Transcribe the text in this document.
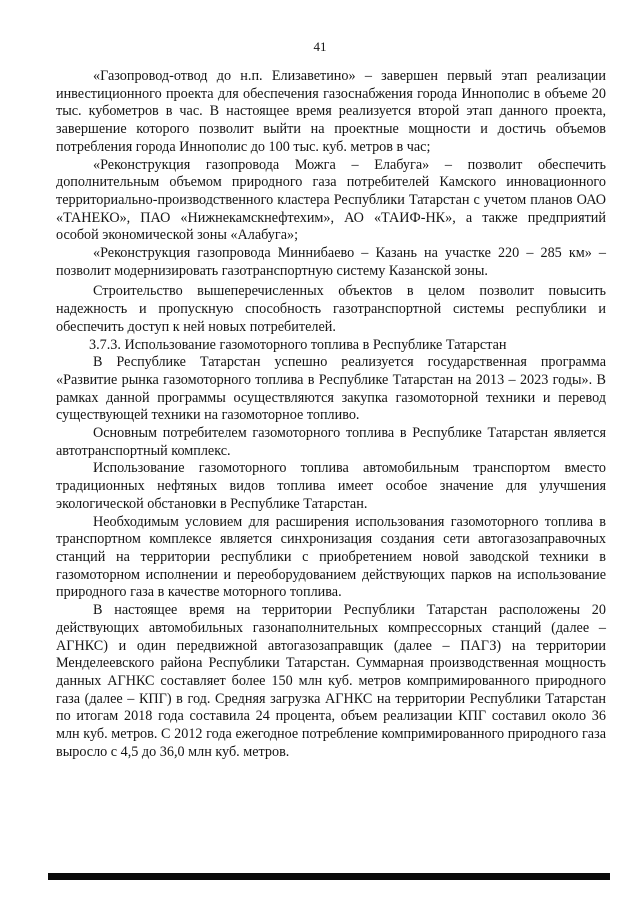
41

«Газопровод-отвод до н.п. Елизаветино» – завершен первый этап реализации инвестиционного проекта для обеспечения газоснабжения города Иннополис в объеме 20 тыс. кубометров в час. В настоящее время реализуется второй этап данного проекта, завершение которого позволит выйти на проектные мощности и достичь объемов потребления города Иннополис до 100 тыс. куб. метров в час;

«Реконструкция газопровода Можга – Елабуга» – позволит обеспечить дополнительным объемом природного газа потребителей Камского инновационного территориально-производственного кластера Республики Татарстан с учетом планов ОАО «ТАНЕКО», ПАО «Нижнекамскнефтехим», АО «ТАИФ-НК», а также предприятий особой экономической зоны «Алабуга»;

«Реконструкция газопровода Миннибаево – Казань на участке 220 – 285 км» – позволит модернизировать газотранспортную систему Казанской зоны.

Строительство вышеперечисленных объектов в целом позволит повысить надежность и пропускную способность газотранспортной системы республики и обеспечить доступ к ней новых потребителей.

3.7.3. Использование газомоторного топлива в Республике Татарстан

В Республике Татарстан успешно реализуется государственная программа «Развитие рынка газомоторного топлива в Республике Татарстан на 2013 – 2023 годы». В рамках данной программы осуществляются закупка газомоторной техники и перевод существующей техники на газомоторное топливо.

Основным потребителем газомоторного топлива в Республике Татарстан является автотранспортный комплекс.

Использование газомоторного топлива автомобильным транспортом вместо традиционных нефтяных видов топлива имеет особое значение для улучшения экологической обстановки в Республике Татарстан.

Необходимым условием для расширения использования газомоторного топлива в транспортном комплексе является синхронизация создания сети автогазозаправочных станций на территории республики с приобретением новой заводской техники в газомоторном исполнении и переоборудованием действующих парков на использование природного газа в качестве моторного топлива.

В настоящее время на территории Республики Татарстан расположены 20 действующих автомобильных газонаполнительных компрессорных станций (далее – АГНКС) и один передвижной автогазозаправщик (далее – ПАГЗ) на территории Менделеевского района Республики Татарстан. Суммарная производственная мощность данных АГНКС составляет более 150 млн куб. метров компримированного природного газа (далее – КПГ) в год. Средняя загрузка АГНКС на территории Республики Татарстан по итогам 2018 года составила 24 процента, объем реализации КПГ составил около 36 млн куб. метров. С 2012 года ежегодное потребление компримированного природного газа выросло с 4,5 до 36,0 млн куб. метров.
